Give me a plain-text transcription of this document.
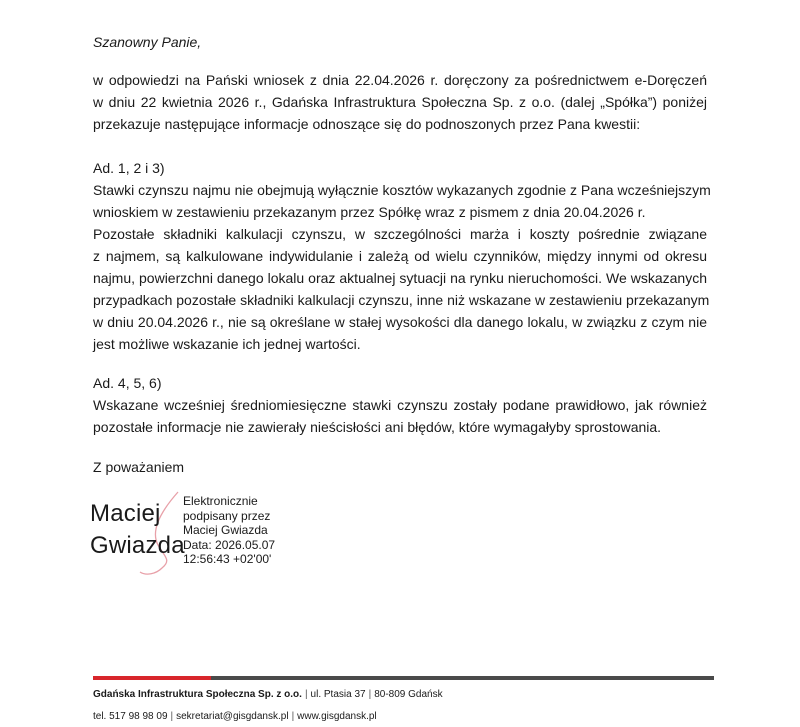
Szanowny Panie,

w odpowiedzi na Pański wniosek z dnia 22.04.2026 r. doręczony za pośrednictwem e-Doręczeń
w dniu 22 kwietnia 2026 r., Gdańska Infrastruktura Społeczna Sp. z o.o. (dalej „Spółka”) poniżej
przekazuje następujące informacje odnoszące się do podnoszonych przez Pana kwestii:

Ad. 1, 2 i 3)

Stawki czynszu najmu nie obejmują wyłącznie kosztów wykazanych zgodnie z Pana wcześniejszym
wnioskiem w zestawieniu przekazanym przez Spółkę wraz z pismem z dnia 20.04.2026 r.
Pozostałe składniki kalkulacji czynszu, w szczególności marża i koszty pośrednie związane
z najmem, są kalkulowane indywidulanie i zależą od wielu czynników, między innymi od okresu
najmu, powierzchni danego lokalu oraz aktualnej sytuacji na rynku nieruchomości. We wskazanych
przypadkach pozostałe składniki kalkulacji czynszu, inne niż wskazane w zestawieniu przekazanym
w dniu 20.04.2026 r., nie są określane w stałej wysokości dla danego lokalu, w związku z czym nie
jest możliwe wskazanie ich jednej wartości.

Ad. 4, 5, 6)

Wskazane wcześniej średniomiesięczne stawki czynszu zostały podane prawidłowo, jak również
pozostałe informacje nie zawierały nieścisłości ani błędów, które wymagałyby sprostowania.

Z poważaniem

Maciej
Gwiazda
Elektronicznie
podpisany przez
Maciej Gwiazda
Data: 2026.05.07
12:56:43 +02'00'
Gdańska Infrastruktura Społeczna Sp. z o.o. | ul. Ptasia 37 | 80-809 Gdańsk
tel. 517 98 98 09 | sekretariat@gisgdansk.pl | www.gisgdansk.pl
